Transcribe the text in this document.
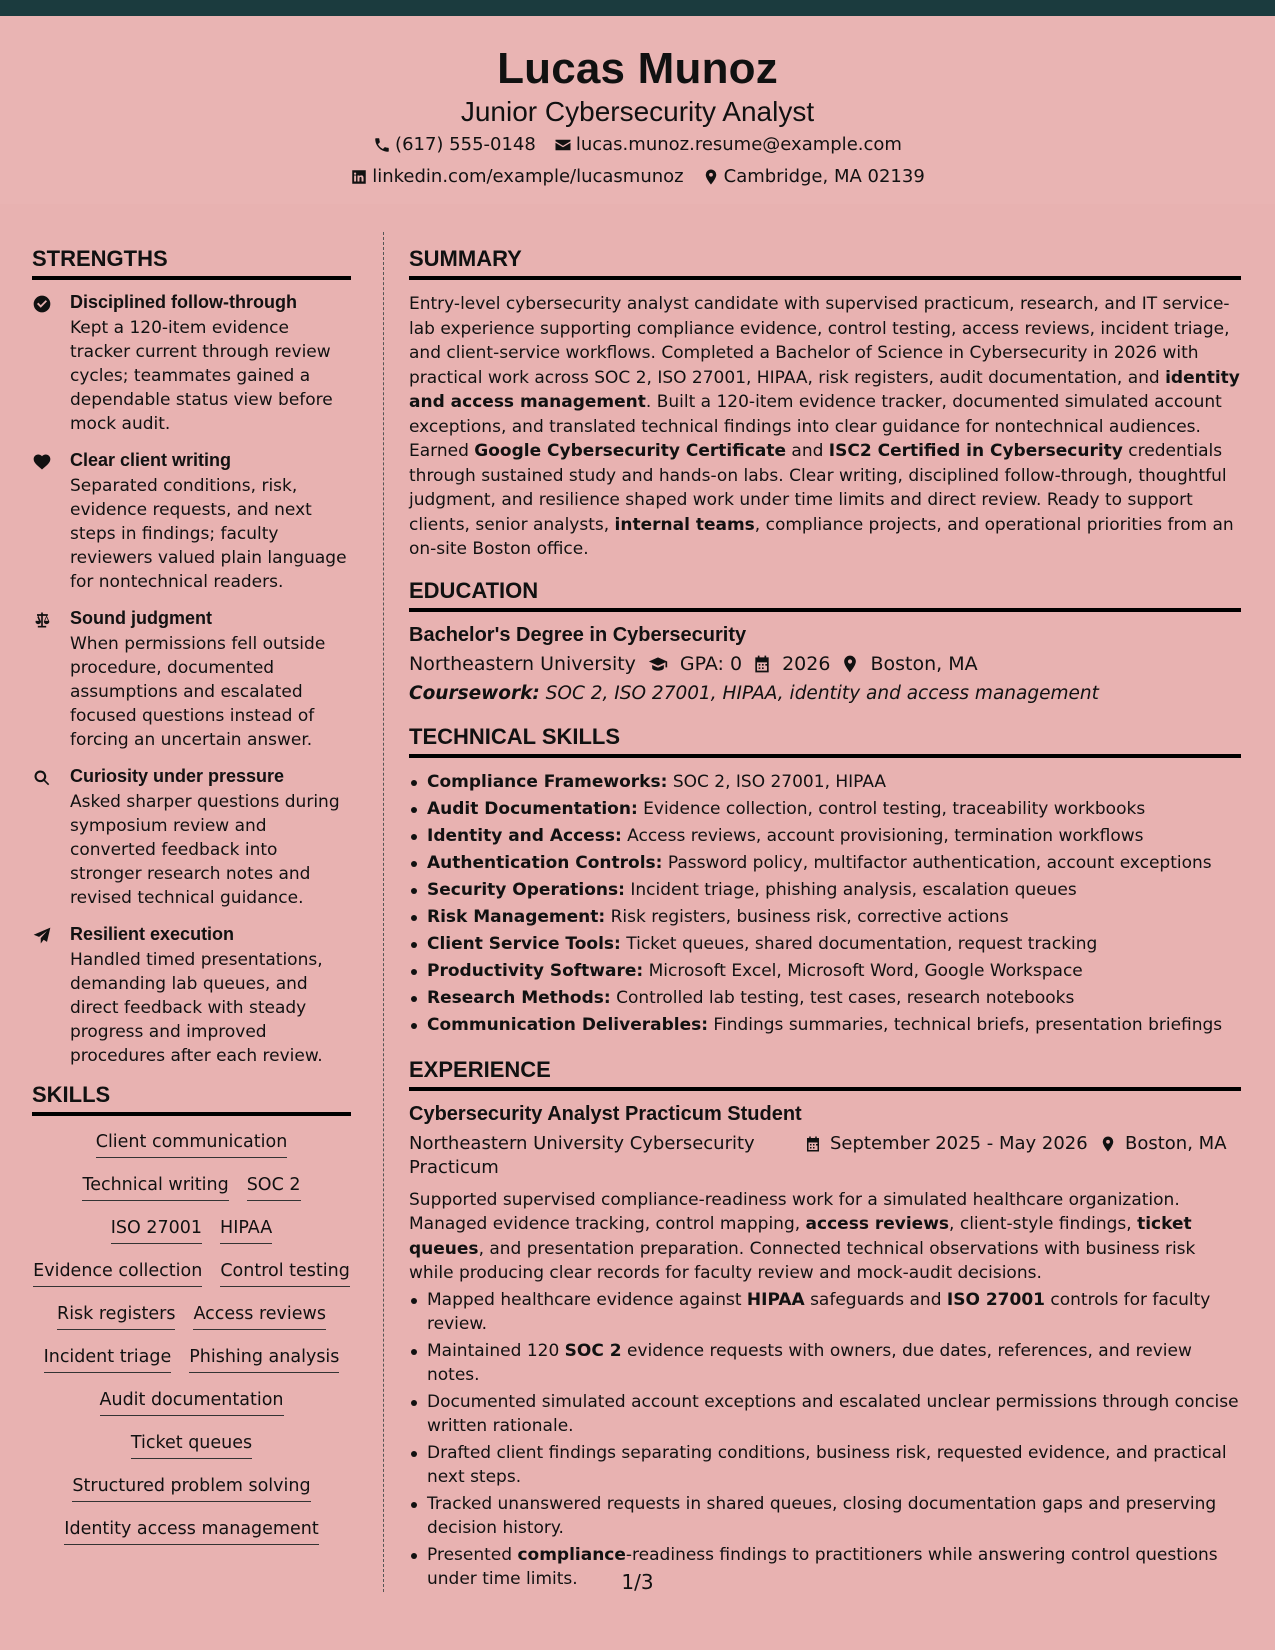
Lucas Munoz
Junior Cybersecurity Analyst
(617) 555-0148 lucas.munoz.resume@example.com
linkedin.com/example/lucasmunoz Cambridge, MA 02139
STRENGTHS
Disciplined follow-through
Kept a 120-item evidence tracker current through review cycles; teammates gained a dependable status view before mock audit.
Clear client writing
Separated conditions, risk, evidence requests, and next steps in findings; faculty reviewers valued plain language for nontechnical readers.
Sound judgment
When permissions fell outside procedure, documented assumptions and escalated focused questions instead of forcing an uncertain answer.
Curiosity under pressure
Asked sharper questions during symposium review and converted feedback into stronger research notes and revised technical guidance.
Resilient execution
Handled timed presentations, demanding lab queues, and direct feedback with steady progress and improved procedures after each review.
SKILLS
Client communication
Technical writing SOC 2
ISO 27001 HIPAA
Evidence collection Control testing
Risk registers Access reviews
Incident triage Phishing analysis
Audit documentation
Ticket queues
Structured problem solving
Identity access management
SUMMARY
Entry-level cybersecurity analyst candidate with supervised practicum, research, and IT service-lab experience supporting compliance evidence, control testing, access reviews, incident triage, and client-service workflows. Completed a Bachelor of Science in Cybersecurity in 2026 with practical work across SOC 2, ISO 27001, HIPAA, risk registers, audit documentation, and identity and access management. Built a 120-item evidence tracker, documented simulated account exceptions, and translated technical findings into clear guidance for nontechnical audiences. Earned Google Cybersecurity Certificate and ISC2 Certified in Cybersecurity credentials through sustained study and hands-on labs. Clear writing, disciplined follow-through, thoughtful judgment, and resilience shaped work under time limits and direct review. Ready to support clients, senior analysts, internal teams, compliance projects, and operational priorities from an on-site Boston office.
EDUCATION
Bachelor's Degree in Cybersecurity
Northeastern University GPA: 0 2026 Boston, MA
Coursework: SOC 2, ISO 27001, HIPAA, identity and access management
TECHNICAL SKILLS
Compliance Frameworks: SOC 2, ISO 27001, HIPAA
Audit Documentation: Evidence collection, control testing, traceability workbooks
Identity and Access: Access reviews, account provisioning, termination workflows
Authentication Controls: Password policy, multifactor authentication, account exceptions
Security Operations: Incident triage, phishing analysis, escalation queues
Risk Management: Risk registers, business risk, corrective actions
Client Service Tools: Ticket queues, shared documentation, request tracking
Productivity Software: Microsoft Excel, Microsoft Word, Google Workspace
Research Methods: Controlled lab testing, test cases, research notebooks
Communication Deliverables: Findings summaries, technical briefs, presentation briefings
EXPERIENCE
Cybersecurity Analyst Practicum Student
Northeastern University Cybersecurity Practicum
September 2025 - May 2026 Boston, MA
Supported supervised compliance-readiness work for a simulated healthcare organization. Managed evidence tracking, control mapping, access reviews, client-style findings, ticket queues, and presentation preparation. Connected technical observations with business risk while producing clear records for faculty review and mock-audit decisions.
Mapped healthcare evidence against HIPAA safeguards and ISO 27001 controls for faculty review.
Maintained 120 SOC 2 evidence requests with owners, due dates, references, and review notes.
Documented simulated account exceptions and escalated unclear permissions through concise written rationale.
Drafted client findings separating conditions, business risk, requested evidence, and practical next steps.
Tracked unanswered requests in shared queues, closing documentation gaps and preserving decision history.
Presented compliance-readiness findings to practitioners while answering control questions under time limits.	1/3
